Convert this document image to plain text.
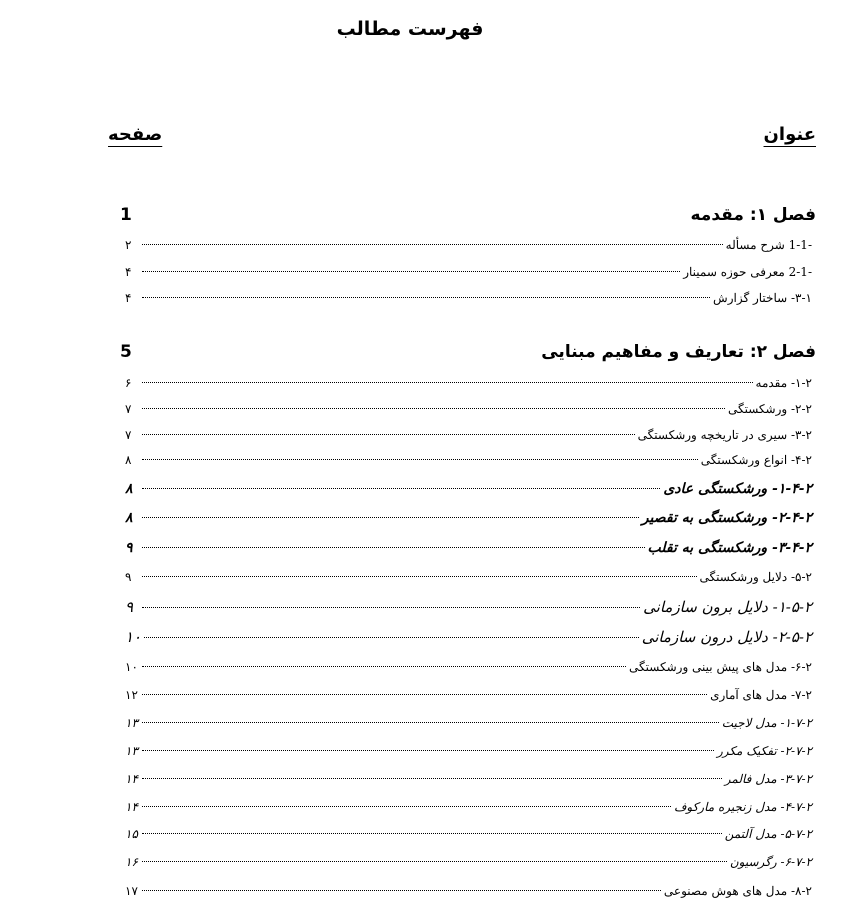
فهرست مطالب
عنوان
صفحه
فصل ۱: مقدمه
1
-1-1 شرح مسأله
۲
-2-1 معرفی حوزه سمینار
۴
۳-۱- ساختار گزارش
۴
فصل ۲: تعاریف و مفاهیم مبنایی
5
۱-۲- مقدمه
۶
۲-۲- ورشکستگی
۷
۳-۲- سیری در تاریخچه ورشکستگی
۷
۴-۲- انواع ورشکستگی
۸
۱-۴-۲- ورشکستگی عادی
۸
۲-۴-۲- ورشکستگی به تقصیر
۸
۳-۴-۲- ورشکستگی به تقلب
۹
۵-۲- دلایل ورشکستگی
۹
۱-۵-۲- دلایل برون سازمانی
۹
۲-۵-۲- دلایل درون سازمانی
۱۰
۶-۲- مدل های پیش بینی ورشکستگی
۱۰
۷-۲- مدل های آماری
۱۲
۱-۷-۲- مدل لاجیت
۱۳
۲-۷-۲- تفکیک مکرر
۱۳
۳-۷-۲- مدل فالمر
۱۴
۴-۷-۲- مدل زنجیره مارکوف
۱۴
۵-۷-۲- مدل آلتمن
۱۵
۶-۷-۲- رگرسیون
۱۶
۸-۲- مدل های هوش مصنوعی
۱۷
